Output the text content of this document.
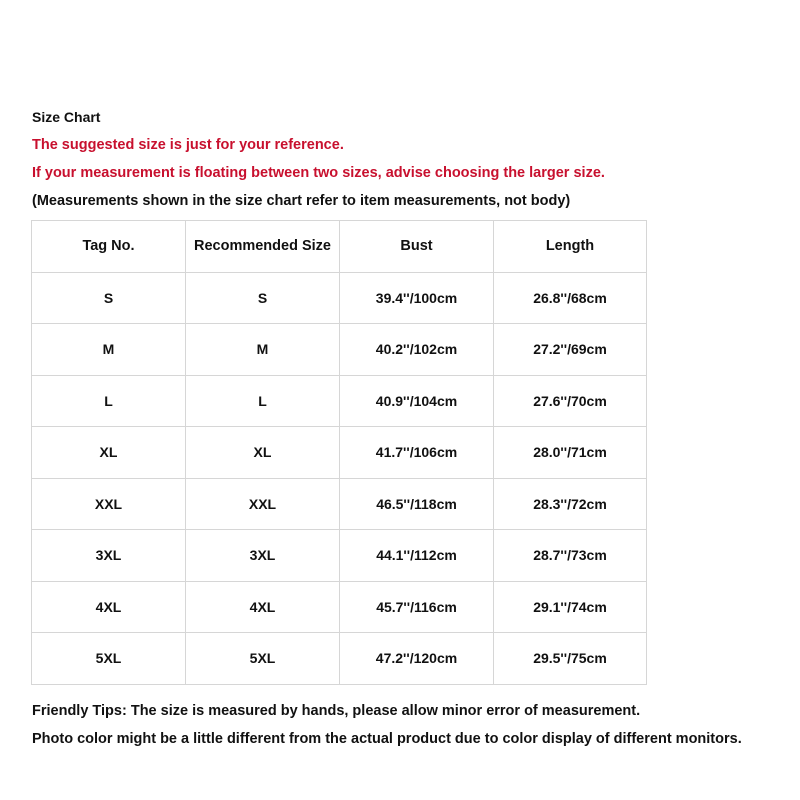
Size Chart

The suggested size is just for your reference.

If your measurement is floating between two sizes, advise choosing the larger size.

(Measurements shown in the size chart refer to item measurements, not body)

Tag No.	Recommended Size	Bust	Length
S	S	39.4''/100cm	26.8''/68cm
M	M	40.2''/102cm	27.2''/69cm
L	L	40.9''/104cm	27.6''/70cm
XL	XL	41.7''/106cm	28.0''/71cm
XXL	XXL	46.5''/118cm	28.3''/72cm
3XL	3XL	44.1''/112cm	28.7''/73cm
4XL	4XL	45.7''/116cm	29.1''/74cm
5XL	5XL	47.2''/120cm	29.5''/75cm

Friendly Tips: The size is measured by hands, please allow minor error of measurement.

Photo color might be a little different from the actual product due to color display of different monitors.
